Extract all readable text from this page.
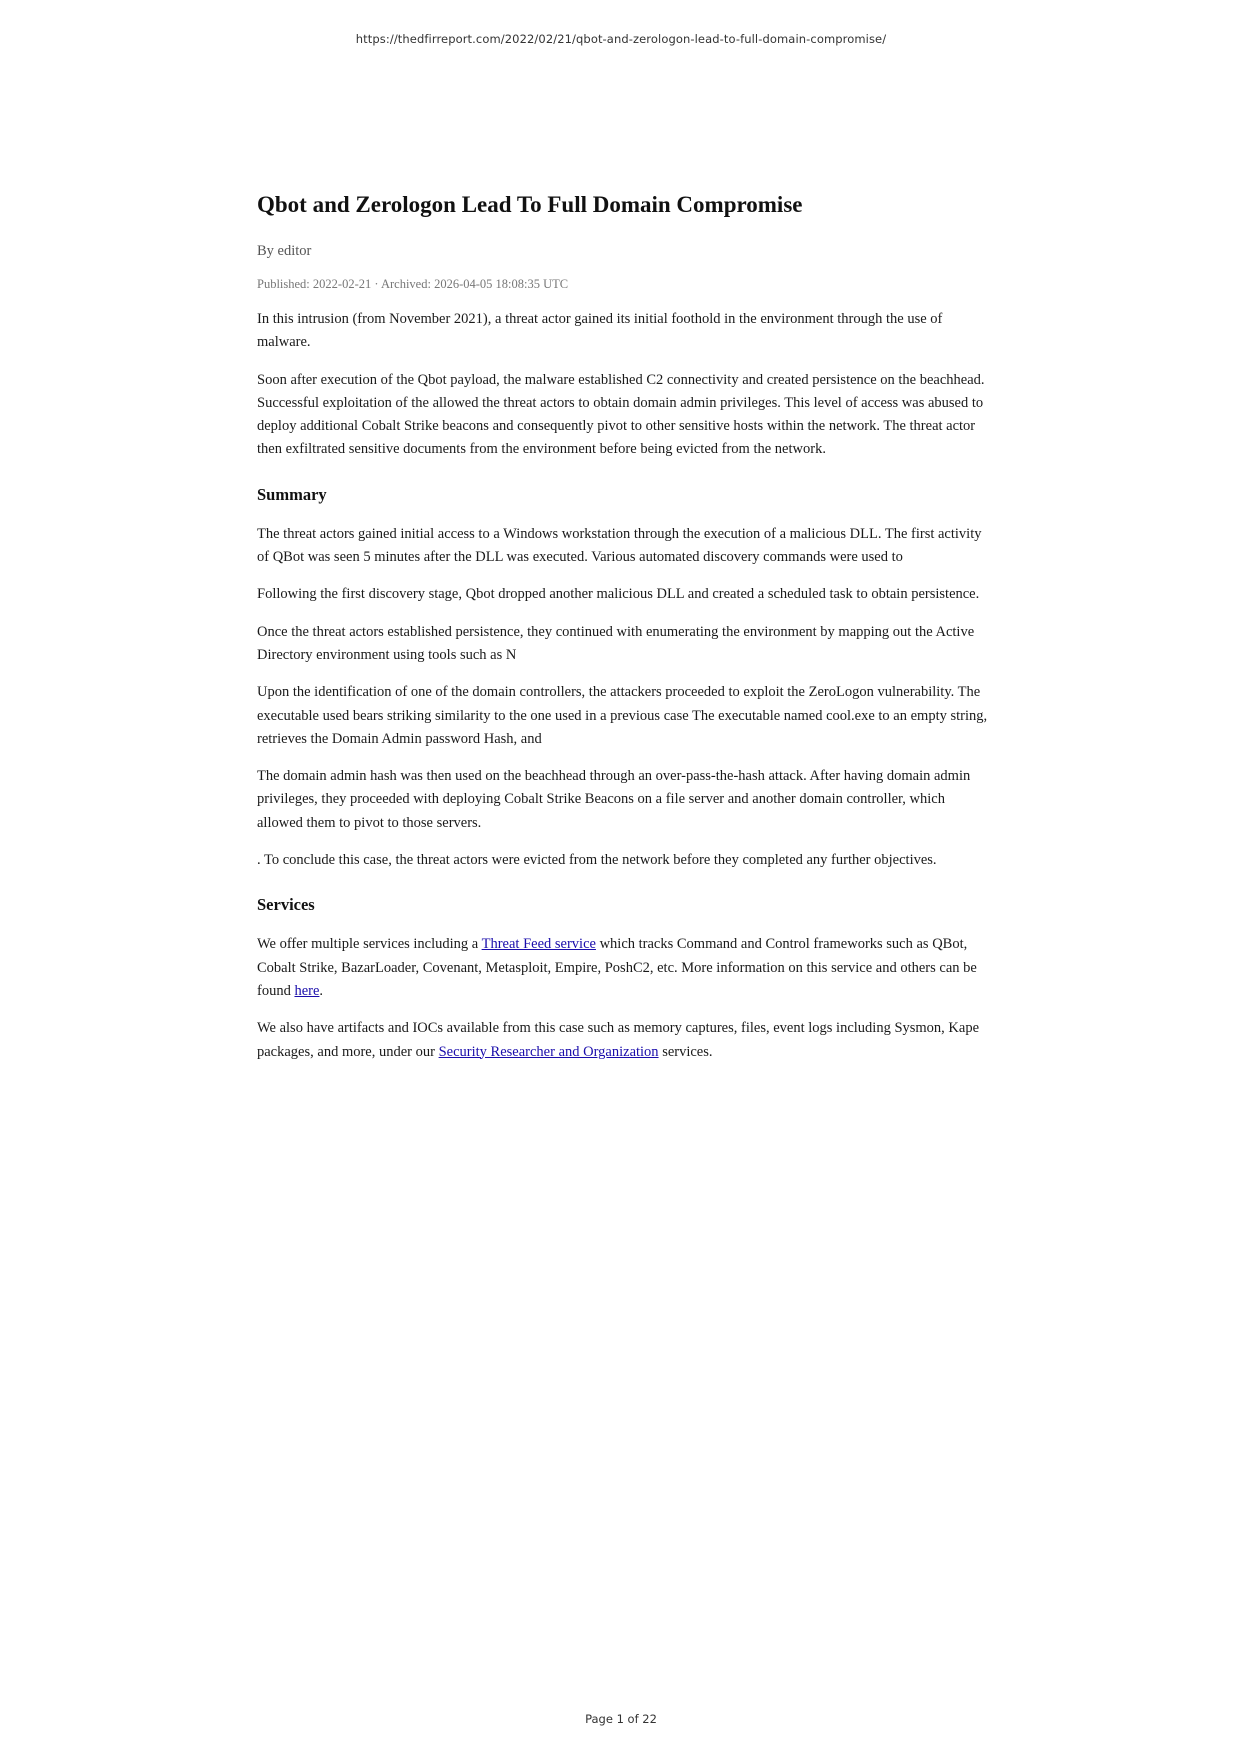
https://thedfirreport.com/2022/02/21/qbot-and-zerologon-lead-to-full-domain-compromise/
Qbot and Zerologon Lead To Full Domain Compromise
By editor
Published: 2022-02-21 · Archived: 2026-04-05 18:08:35 UTC

In this intrusion (from November 2021), a threat actor gained its initial foothold in the environment through the use of malware.

Soon after execution of the Qbot payload, the malware established C2 connectivity and created persistence on the beachhead. Successful exploitation of the allowed the threat actors to obtain domain admin privileges. This level of access was abused to deploy additional Cobalt Strike beacons and consequently pivot to other sensitive hosts within the network. The threat actor then exfiltrated sensitive documents from the environment before being evicted from the network.

Summary

The threat actors gained initial access to a Windows workstation through the execution of a malicious DLL. The first activity of QBot was seen 5 minutes after the DLL was executed. Various automated discovery commands were used to

Following the first discovery stage, Qbot dropped another malicious DLL and created a scheduled task to obtain persistence.

Once the threat actors established persistence, they continued with enumerating the environment by mapping out the Active Directory environment using tools such as N

Upon the identification of one of the domain controllers, the attackers proceeded to exploit the ZeroLogon vulnerability. The executable used bears striking similarity to the one used in a previous case The executable named cool.exe to an empty string, retrieves the Domain Admin password Hash, and

The domain admin hash was then used on the beachhead through an over-pass-the-hash attack. After having domain admin privileges, they proceeded with deploying Cobalt Strike Beacons on a file server and another domain controller, which allowed them to pivot to those servers.

. To conclude this case, the threat actors were evicted from the network before they completed any further objectives.

Services

We offer multiple services including a Threat Feed service which tracks Command and Control frameworks such as QBot, Cobalt Strike, BazarLoader, Covenant, Metasploit, Empire, PoshC2, etc. More information on this service and others can be found here.

We also have artifacts and IOCs available from this case such as memory captures, files, event logs including Sysmon, Kape packages, and more, under our Security Researcher and Organization services.

Page 1 of 22
